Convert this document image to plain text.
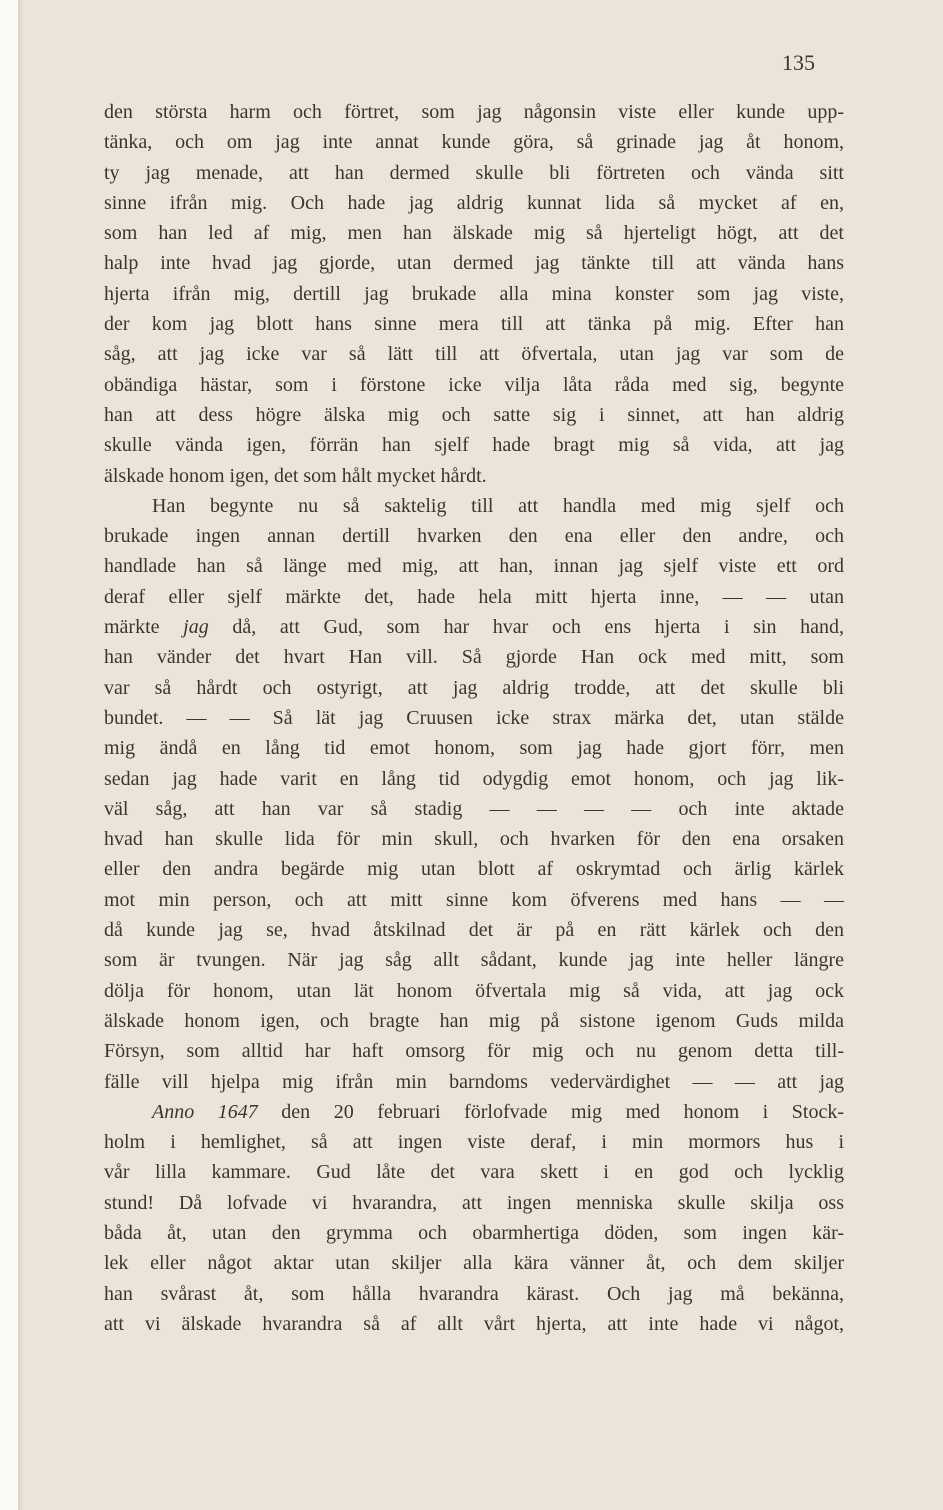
135
den största harm och förtret, som jag någonsin viste eller kunde upp-
tänka, och om jag inte annat kunde göra, så grinade jag åt honom,
ty jag menade, att han dermed skulle bli förtreten och vända sitt
sinne ifrån mig. Och hade jag aldrig kunnat lida så mycket af en,
som han led af mig, men han älskade mig så hjerteligt högt, att det
halp inte hvad jag gjorde, utan dermed jag tänkte till att vända hans
hjerta ifrån mig, dertill jag brukade alla mina konster som jag viste,
der kom jag blott hans sinne mera till att tänka på mig. Efter han
såg, att jag icke var så lätt till att öfvertala, utan jag var som de
obändiga hästar, som i förstone icke vilja låta råda med sig, begynte
han att dess högre älska mig och satte sig i sinnet, att han aldrig
skulle vända igen, förrän han sjelf hade bragt mig så vida, att jag
älskade honom igen, det som hålt mycket hårdt.
Han begynte nu så saktelig till att handla med mig sjelf och
brukade ingen annan dertill hvarken den ena eller den andre, och
handlade han så länge med mig, att han, innan jag sjelf viste ett ord
deraf eller sjelf märkte det, hade hela mitt hjerta inne, — — utan
märkte jag då, att Gud, som har hvar och ens hjerta i sin hand,
han vänder det hvart Han vill. Så gjorde Han ock med mitt, som
var så hårdt och ostyrigt, att jag aldrig trodde, att det skulle bli
bundet. — — Så lät jag Cruusen icke strax märka det, utan stälde
mig ändå en lång tid emot honom, som jag hade gjort förr, men
sedan jag hade varit en lång tid odygdig emot honom, och jag lik-
väl såg, att han var så stadig — — — — och inte aktade
hvad han skulle lida för min skull, och hvarken för den ena orsaken
eller den andra begärde mig utan blott af oskrymtad och ärlig kärlek
mot min person, och att mitt sinne kom öfverens med hans — —
då kunde jag se, hvad åtskilnad det är på en rätt kärlek och den
som är tvungen. När jag såg allt sådant, kunde jag inte heller längre
dölja för honom, utan lät honom öfvertala mig så vida, att jag ock
älskade honom igen, och bragte han mig på sistone igenom Guds milda
Försyn, som alltid har haft omsorg för mig och nu genom detta till-
fälle vill hjelpa mig ifrån min barndoms vedervärdighet — — att jag
Anno 1647 den 20 februari förlofvade mig med honom i Stock-
holm i hemlighet, så att ingen viste deraf, i min mormors hus i
vår lilla kammare. Gud låte det vara skett i en god och lycklig
stund! Då lofvade vi hvarandra, att ingen menniska skulle skilja oss
båda åt, utan den grymma och obarmhertiga döden, som ingen kär-
lek eller något aktar utan skiljer alla kära vänner åt, och dem skiljer
han svårast åt, som hålla hvarandra kärast. Och jag må bekänna,
att vi älskade hvarandra så af allt vårt hjerta, att inte hade vi något,
